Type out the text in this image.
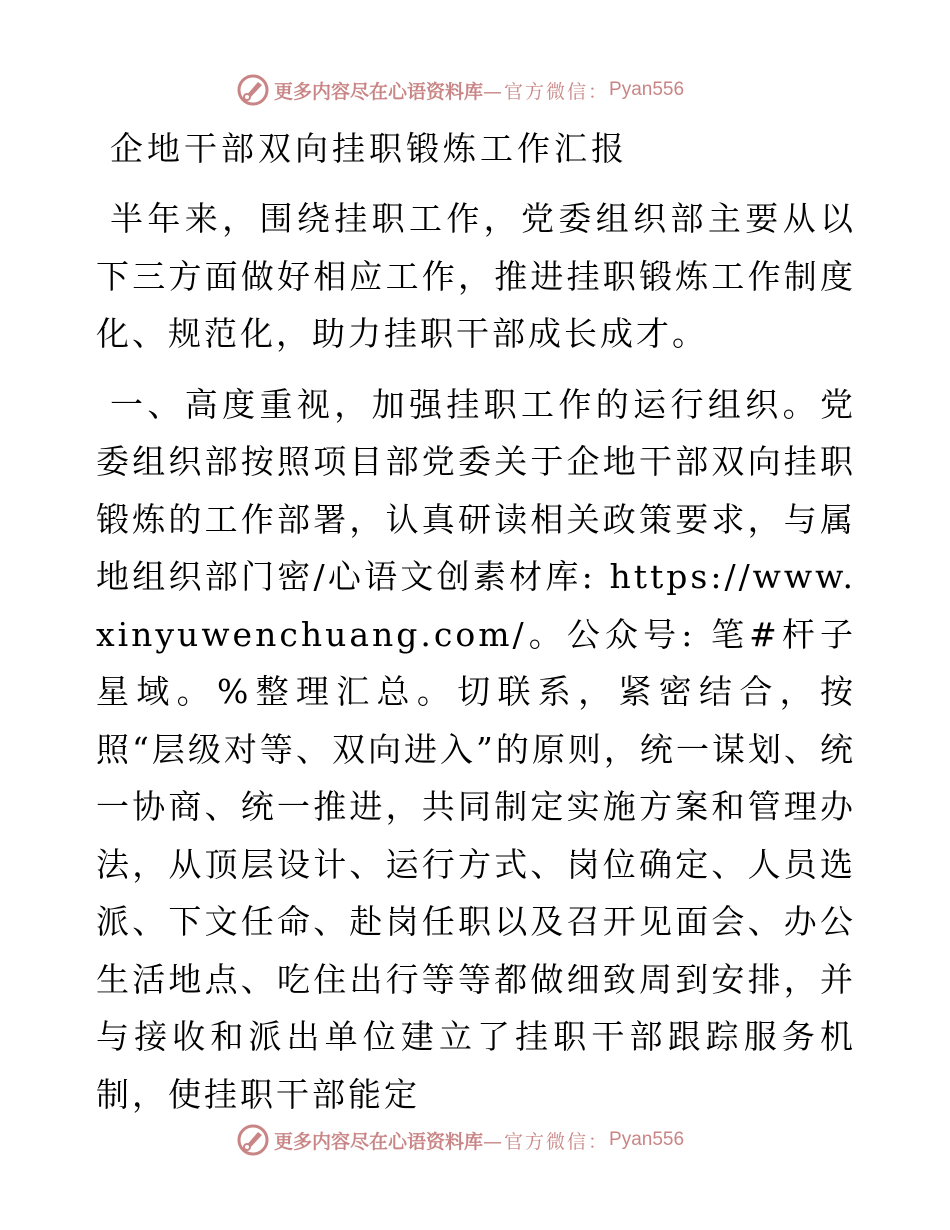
更多内容尽在心语资料库 —官方微信： Pyan556
企地干部双向挂职锻炼工作汇报

半年来，围绕挂职工作，党委组织部主要从以下三方面做好相应工作，推进挂职锻炼工作制度化、规范化，助力挂职干部成长成才。

一、高度重视，加强挂职工作的运行组织。党委组织部按照项目部党委关于企地干部双向挂职锻炼的工作部署，认真研读相关政策要求，与属地组织部门密/心语文创素材库: https://www.xinyuwenchuang.com/。公众号: 笔#杆子星域。%整理汇总。切联系，紧密结合，按照“层级对等、双向进入”的原则，统一谋划、统一协商、统一推进，共同制定实施方案和管理办法，从顶层设计、运行方式、岗位确定、人员选派、下文任命、赴岗任职以及召开见面会、办公生活地点、吃住出行等等都做细致周到安排，并与接收和派出单位建立了挂职干部跟踪服务机制，使挂职干部能定

更多内容尽在心语资料库 —官方微信： Pyan556
